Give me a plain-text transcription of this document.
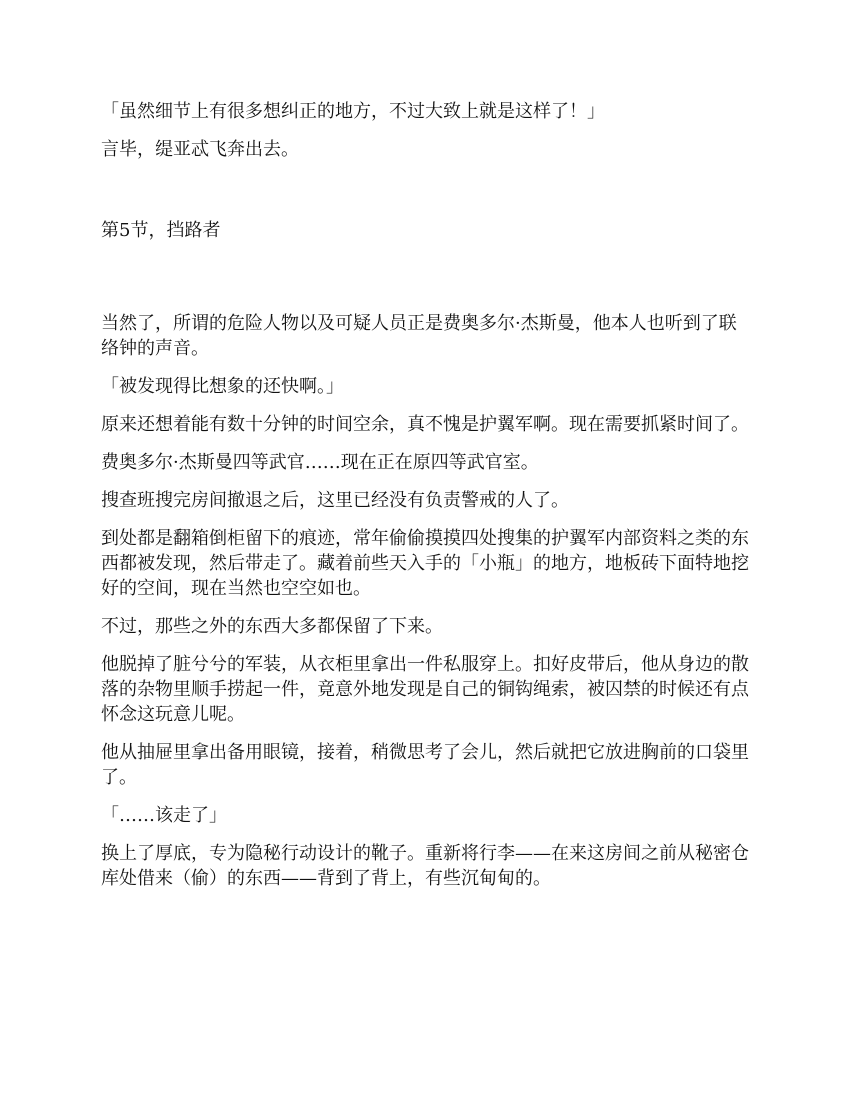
「虽然细节上有很多想纠正的地方，不过大致上就是这样了！」

言毕，缇亚忒飞奔出去。

第5节，挡路者

当然了，所谓的危险人物以及可疑人员正是费奥多尔·杰斯曼，他本人也听到了联络钟的声音。

「被发现得比想象的还快啊。」

原来还想着能有数十分钟的时间空余，真不愧是护翼军啊。现在需要抓紧时间了。

费奥多尔·杰斯曼四等武官……现在正在原四等武官室。

搜查班搜完房间撤退之后，这里已经没有负责警戒的人了。

到处都是翻箱倒柜留下的痕迹，常年偷偷摸摸四处搜集的护翼军内部资料之类的东西都被发现，然后带走了。藏着前些天入手的「小瓶」的地方，地板砖下面特地挖好的空间，现在当然也空空如也。

不过，那些之外的东西大多都保留了下来。

他脱掉了脏兮兮的军装，从衣柜里拿出一件私服穿上。扣好皮带后，他从身边的散落的杂物里顺手捞起一件，竟意外地发现是自己的铜钩绳索，被囚禁的时候还有点怀念这玩意儿呢。

他从抽屉里拿出备用眼镜，接着，稍微思考了会儿，然后就把它放进胸前的口袋里了。

「……该走了」

换上了厚底，专为隐秘行动设计的靴子。重新将行李——在来这房间之前从秘密仓库处借来（偷）的东西——背到了背上，有些沉甸甸的。
